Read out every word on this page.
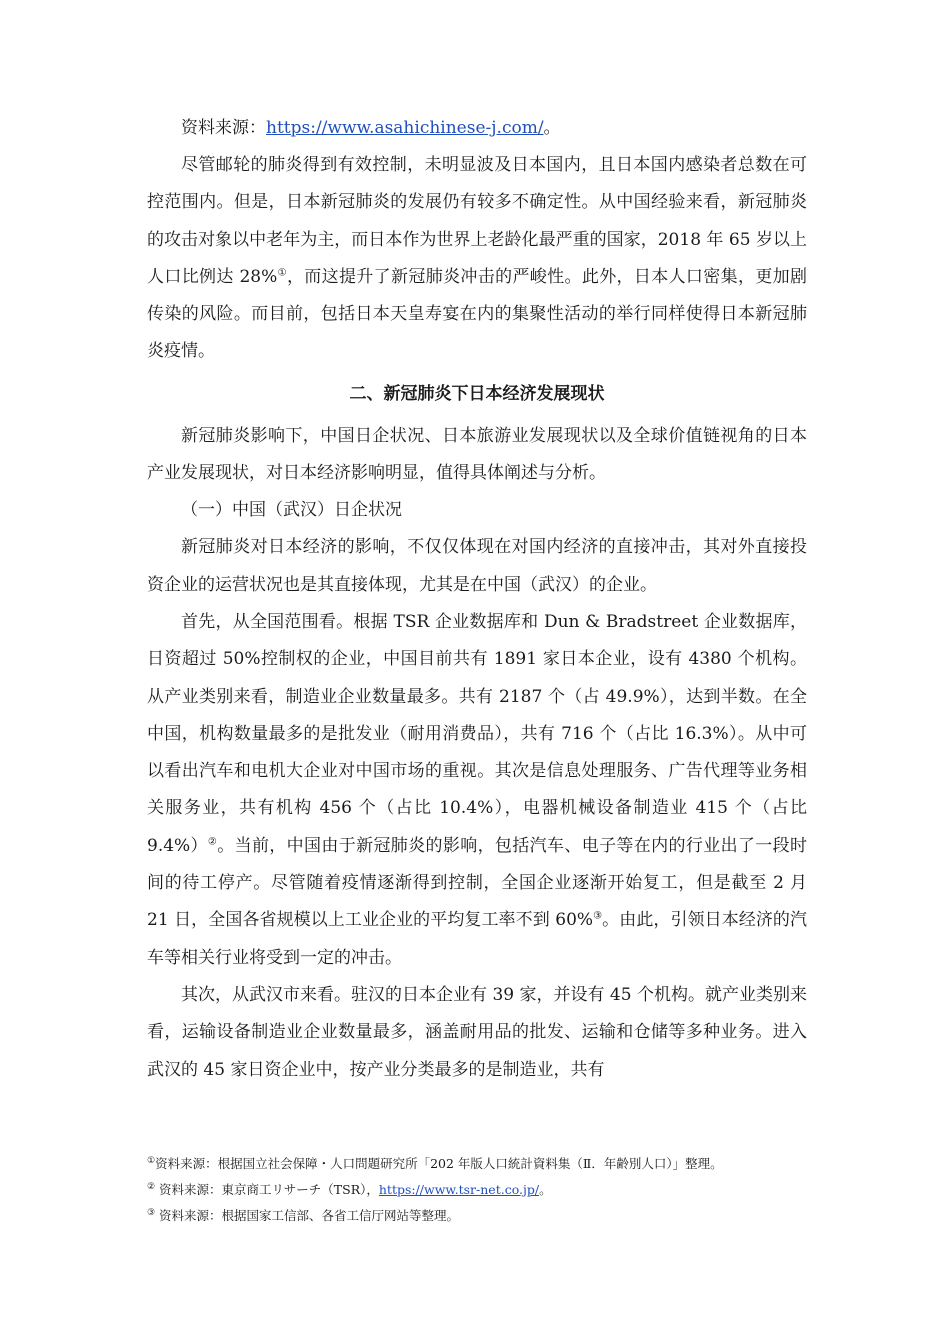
资料来源：https://www.asahichinese-j.com/。

尽管邮轮的肺炎得到有效控制，未明显波及日本国内，且日本国内感染者总数在可控范围内。但是，日本新冠肺炎的发展仍有较多不确定性。从中国经验来看，新冠肺炎的攻击对象以中老年为主，而日本作为世界上老龄化最严重的国家，2018 年 65 岁以上人口比例达 28%①，而这提升了新冠肺炎冲击的严峻性。此外，日本人口密集，更加剧传染的风险。而目前，包括日本天皇寿宴在内的集聚性活动的举行同样使得日本新冠肺炎疫情。

二、新冠肺炎下日本经济发展现状

新冠肺炎影响下，中国日企状况、日本旅游业发展现状以及全球价值链视角的日本产业发展现状，对日本经济影响明显，值得具体阐述与分析。

（一）中国（武汉）日企状况

新冠肺炎对日本经济的影响，不仅仅体现在对国内经济的直接冲击，其对外直接投资企业的运营状况也是其直接体现，尤其是在中国（武汉）的企业。

首先，从全国范围看。根据 TSR 企业数据库和 Dun & Bradstreet 企业数据库，日资超过 50%控制权的企业，中国目前共有 1891 家日本企业，设有 4380 个机构。从产业类别来看，制造业企业数量最多。共有 2187 个（占 49.9%），达到半数。在全中国，机构数量最多的是批发业（耐用消费品），共有 716 个（占比 16.3%）。从中可以看出汽车和电机大企业对中国市场的重视。其次是信息处理服务、广告代理等业务相关服务业，共有机构 456 个（占比 10.4%），电器机械设备制造业 415 个（占比 9.4%）②。当前，中国由于新冠肺炎的影响，包括汽车、电子等在内的行业出了一段时间的待工停产。尽管随着疫情逐渐得到控制，全国企业逐渐开始复工，但是截至 2 月 21 日，全国各省规模以上工业企业的平均复工率不到 60%③。由此，引领日本经济的汽车等相关行业将受到一定的冲击。

其次，从武汉市来看。驻汉的日本企业有 39 家，并设有 45 个机构。就产业类别来看，运输设备制造业企业数量最多，涵盖耐用品的批发、运输和仓储等多种业务。进入武汉的 45 家日资企业中，按产业分类最多的是制造业，共有

①资料来源：根据国立社会保障・人口問題研究所「202 年版人口統計資料集（Ⅱ．年齢別人口）」整理。

② 资料来源：東京商工リサーチ（TSR），https://www.tsr-net.co.jp/。

③ 资料来源：根据国家工信部、各省工信厅网站等整理。
